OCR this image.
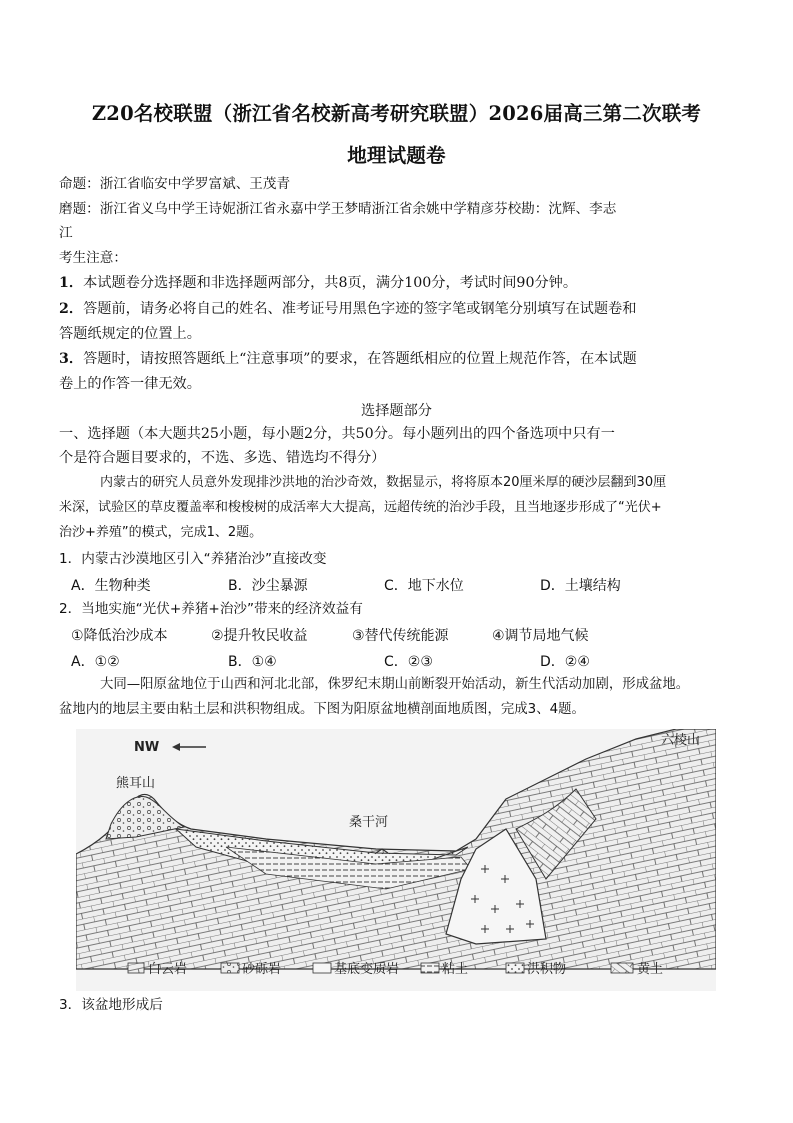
Z20名校联盟（浙江省名校新高考研究联盟）2026届高三第二次联考
地理试题卷
命题：浙江省临安中学罗富斌、王茂青
磨题：浙江省义乌中学王诗妮浙江省永嘉中学王梦晴浙江省余姚中学精彦芬校勘：沈辉、李志
江
考生注意：
1．本试题卷分选择题和非选择题两部分，共8页，满分100分，考试时间90分钟。
2．答题前，请务必将自己的姓名、准考证号用黑色字迹的签字笔或钢笔分别填写在试题卷和
答题纸规定的位置上。
3．答题时，请按照答题纸上“注意事项”的要求，在答题纸相应的位置上规范作答，在本试题
卷上的作答一律无效。
选择题部分
一、选择题（本大题共25小题，每小题2分，共50分。每小题列出的四个备选项中只有一
个是符合题目要求的，不选、多选、错选均不得分）
内蒙古的研究人员意外发现排沙洪地的治沙奇效，数据显示，将将原本20厘米厚的硬沙层翻到30厘
米深，试验区的草皮覆盖率和梭梭树的成活率大大提高，远超传统的治沙手段，且当地逐步形成了“光伏+
治沙+养殖”的模式，完成1、2题。
1．内蒙古沙漠地区引入“养猪治沙”直接改变
A．生物种类	B．沙尘暴源	C．地下水位	D．土壤结构
2．当地实施“光伏+养猪+治沙”带来的经济效益有
①降低治沙成本	②提升牧民收益	③替代传统能源	④调节局地气候
A．①②	B．①④	C．②③	D．②④
大同—阳原盆地位于山西和河北北部，侏罗纪末期山前断裂开始活动，新生代活动加剧，形成盆地。
盆地内的地层主要由粘土层和洪积物组成。下图为阳原盆地横剖面地质图，完成3、4题。
NW
熊耳山
桑干河
六棱山
白云岩	砂砾岩	基底变质岩	粘土	洪积物	黄土
3．该盆地形成后
